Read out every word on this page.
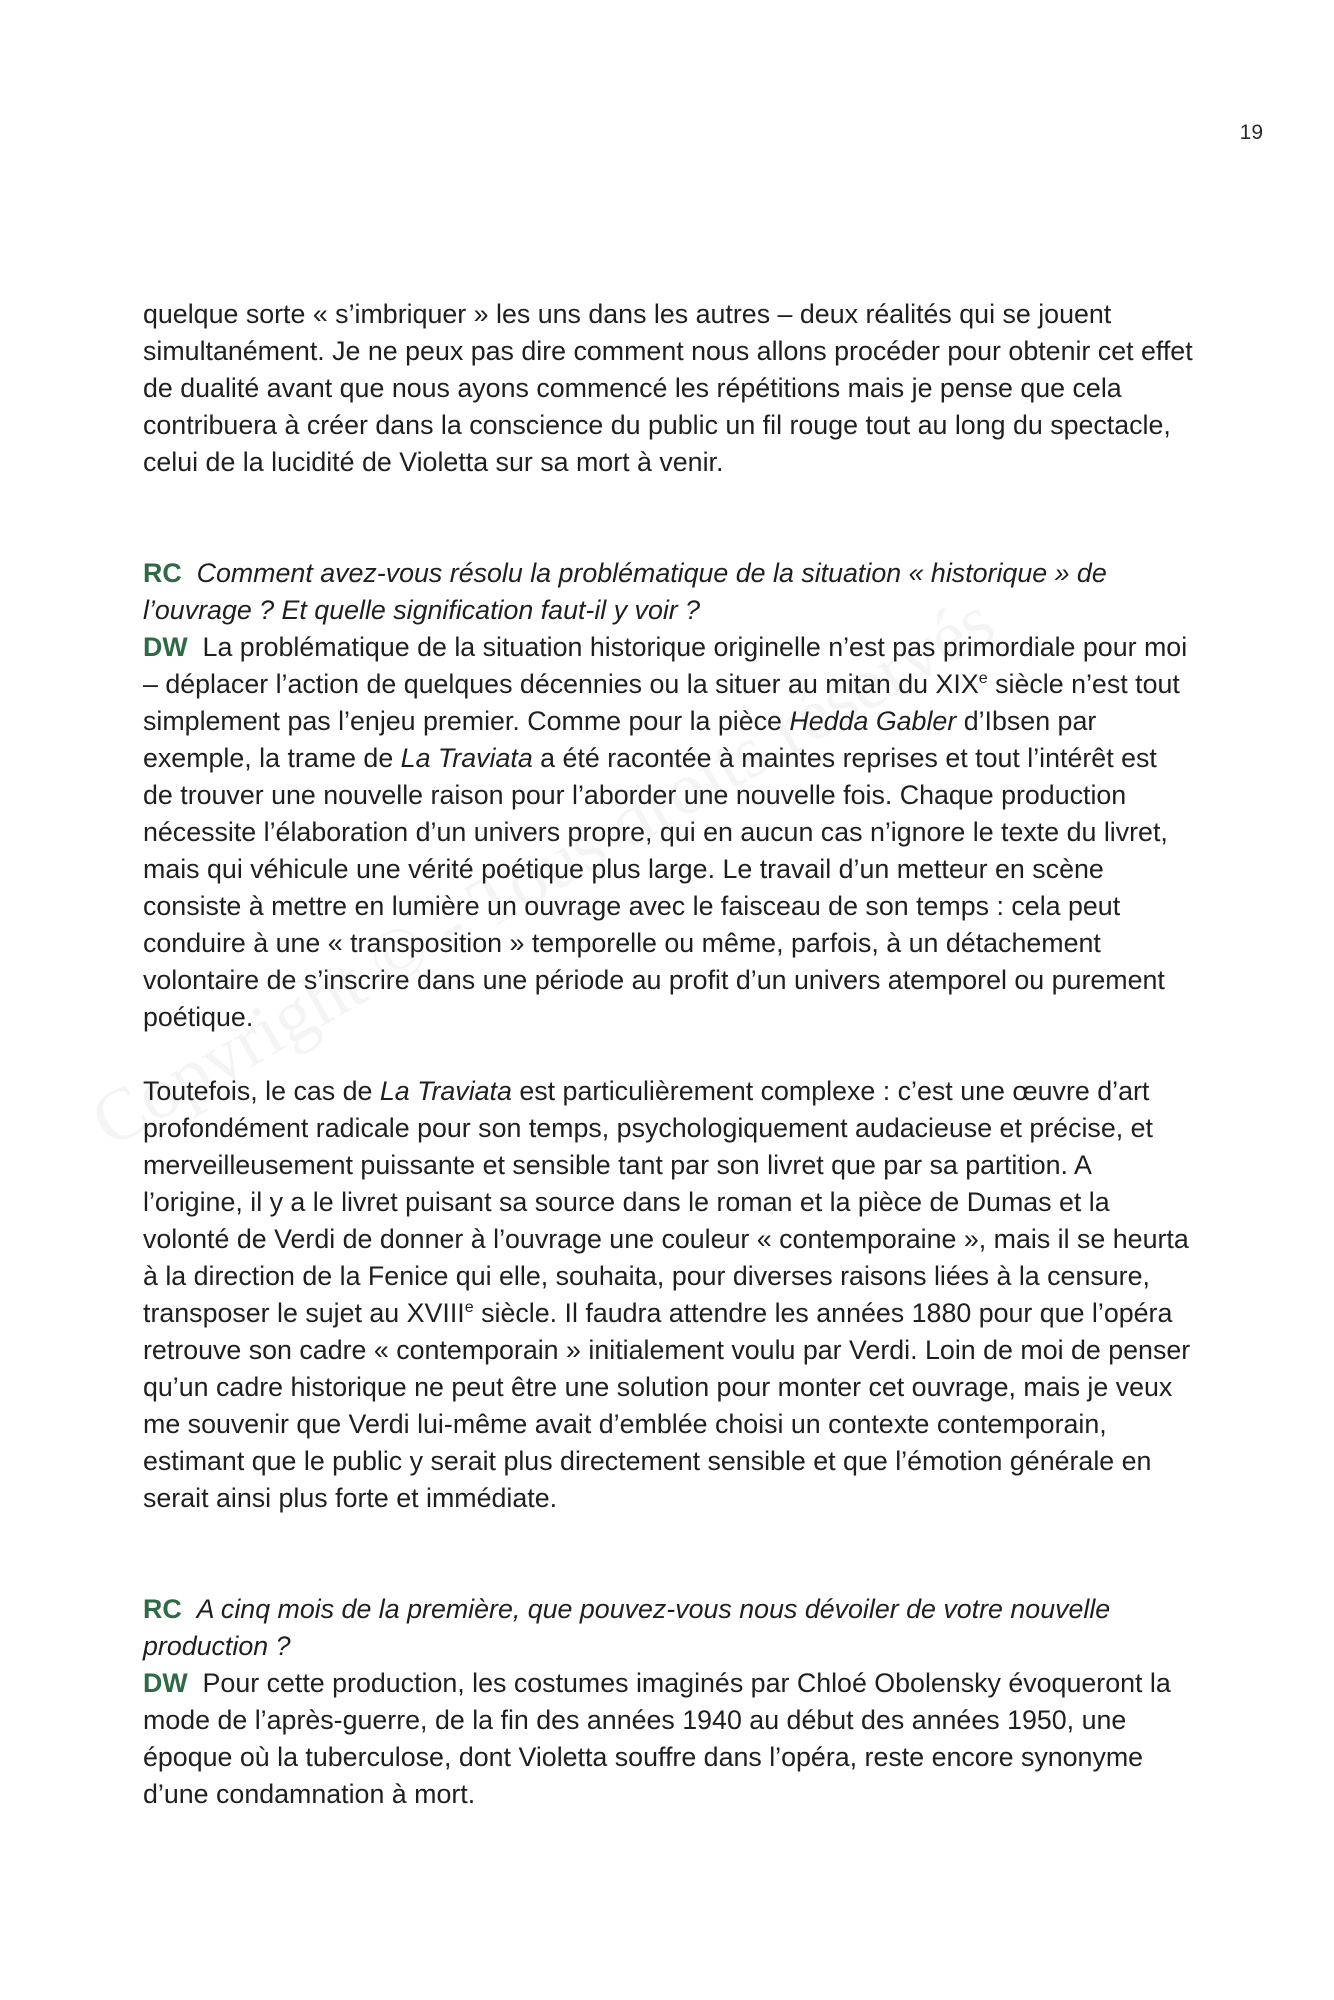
19

quelque sorte « s’imbriquer » les uns dans les autres – deux réalités qui se jouent simultanément. Je ne peux pas dire comment nous allons procéder pour obtenir cet effet de dualité avant que nous ayons commencé les répétitions mais je pense que cela contribuera à créer dans la conscience du public un fil rouge tout au long du spectacle, celui de la lucidité de Violetta sur sa mort à venir.

RC Comment avez-vous résolu la problématique de la situation « historique » de l’ouvrage ? Et quelle signification faut-il y voir ?

DW La problématique de la situation historique originelle n’est pas primordiale pour moi – déplacer l’action de quelques décennies ou la situer au mitan du XIXe siècle n’est tout simplement pas l’enjeu premier. Comme pour la pièce Hedda Gabler d’Ibsen par exemple, la trame de La Traviata a été racontée à maintes reprises et tout l’intérêt est de trouver une nouvelle raison pour l’aborder une nouvelle fois. Chaque production nécessite l’élaboration d’un univers propre, qui en aucun cas n’ignore le texte du livret, mais qui véhicule une vérité poétique plus large. Le travail d’un metteur en scène consiste à mettre en lumière un ouvrage avec le faisceau de son temps : cela peut conduire à une « transposition » temporelle ou même, parfois, à un détachement volontaire de s’inscrire dans une période au profit d’un univers atemporel ou purement poétique.

Toutefois, le cas de La Traviata est particulièrement complexe : c’est une œuvre d’art profondément radicale pour son temps, psychologiquement audacieuse et précise, et merveilleusement puissante et sensible tant par son livret que par sa partition. A l’origine, il y a le livret puisant sa source dans le roman et la pièce de Dumas et la volonté de Verdi de donner à l’ouvrage une couleur « contemporaine », mais il se heurta à la direction de la Fenice qui elle, souhaita, pour diverses raisons liées à la censure, transposer le sujet au XVIIIe siècle. Il faudra attendre les années 1880 pour que l’opéra retrouve son cadre « contemporain » initialement voulu par Verdi. Loin de moi de penser qu’un cadre historique ne peut être une solution pour monter cet ouvrage, mais je veux me souvenir que Verdi lui-même avait d’emblée choisi un contexte contemporain, estimant que le public y serait plus directement sensible et que l’émotion générale en serait ainsi plus forte et immédiate.

RC A cinq mois de la première, que pouvez-vous nous dévoiler de votre nouvelle production ?

DW Pour cette production, les costumes imaginés par Chloé Obolensky évoqueront la mode de l’après-guerre, de la fin des années 1940 au début des années 1950, une époque où la tuberculose, dont Violetta souffre dans l’opéra, reste encore synonyme d’une condamnation à mort.
